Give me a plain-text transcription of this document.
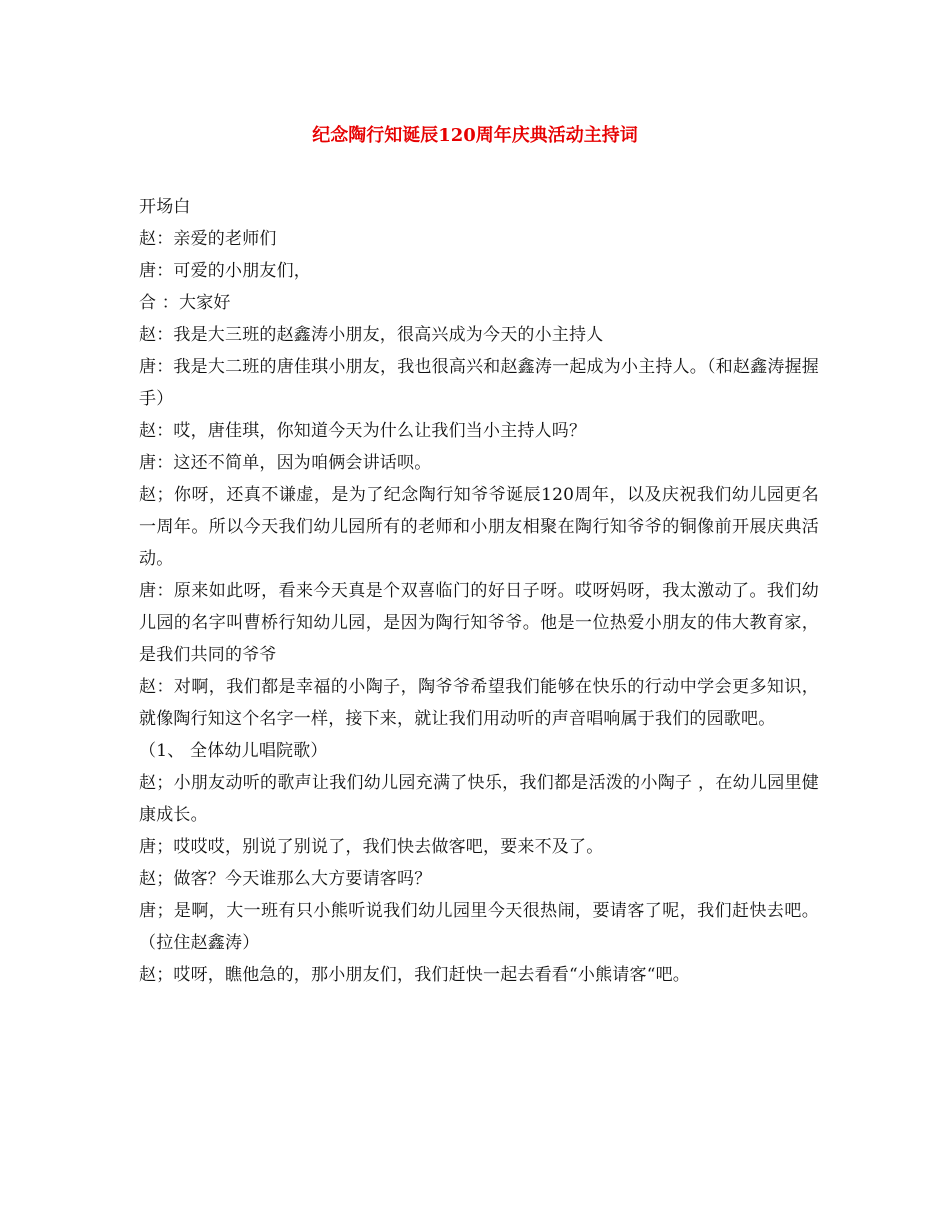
纪念陶行知诞辰120周年庆典活动主持词

开场白

赵：亲爱的老师们

唐：可爱的小朋友们，

合 ：大家好

赵：我是大三班的赵鑫涛小朋友，很高兴成为今天的小主持人

唐：我是大二班的唐佳琪小朋友，我也很高兴和赵鑫涛一起成为小主持人。（和赵鑫涛握握手）

赵：哎，唐佳琪，你知道今天为什么让我们当小主持人吗？

唐：这还不简单，因为咱俩会讲话呗。

赵；你呀，还真不谦虚，是为了纪念陶行知爷爷诞辰120周年，以及庆祝我们幼儿园更名一周年。所以今天我们幼儿园所有的老师和小朋友相聚在陶行知爷爷的铜像前开展庆典活动。

唐：原来如此呀，看来今天真是个双喜临门的好日子呀。哎呀妈呀，我太激动了。我们幼儿园的名字叫曹桥行知幼儿园，是因为陶行知爷爷。他是一位热爱小朋友的伟大教育家，是我们共同的爷爷

赵：对啊，我们都是幸福的小陶子，陶爷爷希望我们能够在快乐的行动中学会更多知识，就像陶行知这个名字一样，接下来，就让我们用动听的声音唱响属于我们的园歌吧。

（1、 全体幼儿唱院歌）

赵；小朋友动听的歌声让我们幼儿园充满了快乐，我们都是活泼的小陶子 ，在幼儿园里健康成长。

唐；哎哎哎，别说了别说了，我们快去做客吧，要来不及了。

赵；做客？今天谁那么大方要请客吗？

唐；是啊，大一班有只小熊听说我们幼儿园里今天很热闹，要请客了呢，我们赶快去吧。（拉住赵鑫涛）

赵；哎呀，瞧他急的，那小朋友们，我们赶快一起去看看“小熊请客“吧。
